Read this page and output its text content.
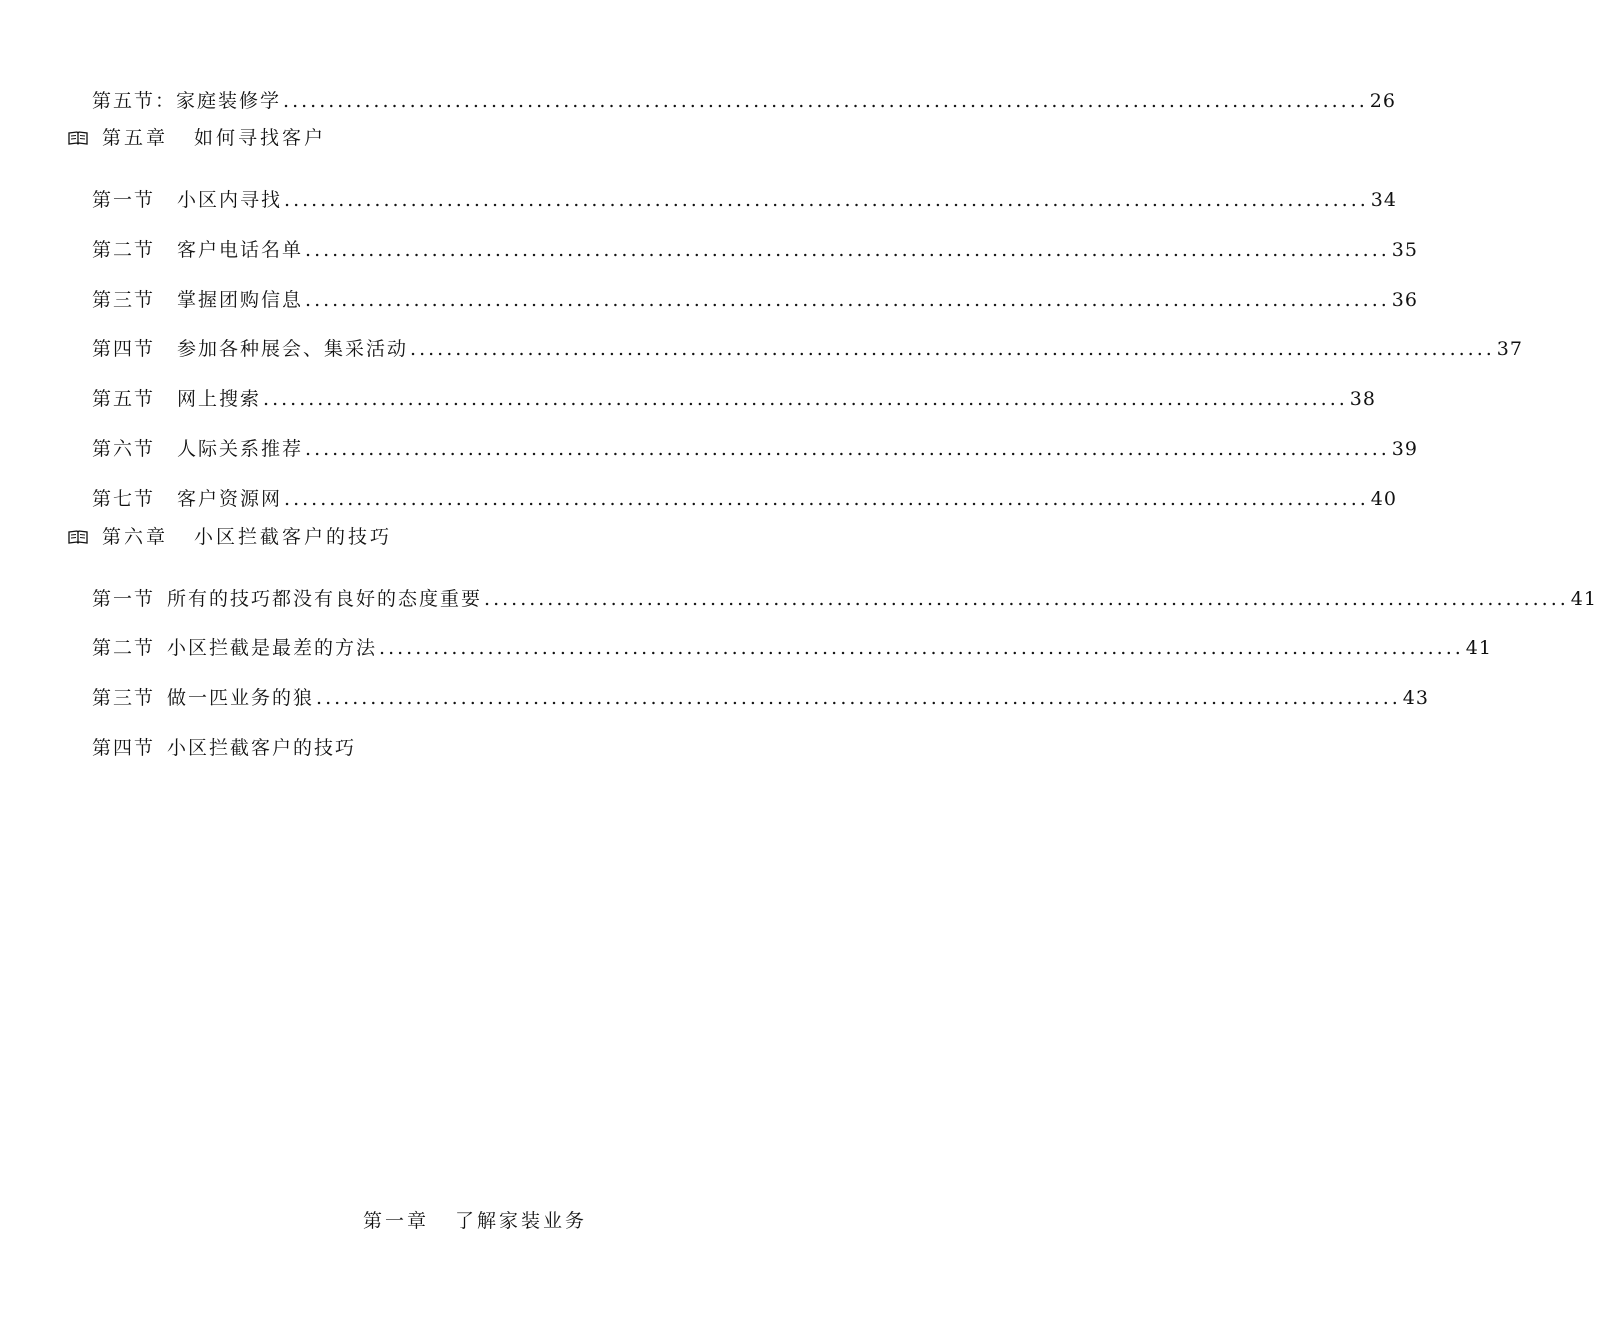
第五节：家庭装修学 ........................................................................................................................ 26
第五章 如何寻找客户
第一节 小区内寻找 ........................................................................................................................ 34
第二节 客户电话名单 ........................................................................................................................ 35
第三节 掌握团购信息 ........................................................................................................................ 36
第四节 参加各种展会、集采活动 ........................................................................................................................ 37
第五节 网上搜索 ........................................................................................................................ 38
第六节 人际关系推荐 ........................................................................................................................ 39
第七节 客户资源网 ........................................................................................................................ 40
第六章 小区拦截客户的技巧
第一节 所有的技巧都没有良好的态度重要 ........................................................................................................................ 41
第二节 小区拦截是最差的方法 ........................................................................................................................ 41
第三节 做一匹业务的狼 ........................................................................................................................ 43
第四节 小区拦截客户的技巧
第一章 了解家装业务
